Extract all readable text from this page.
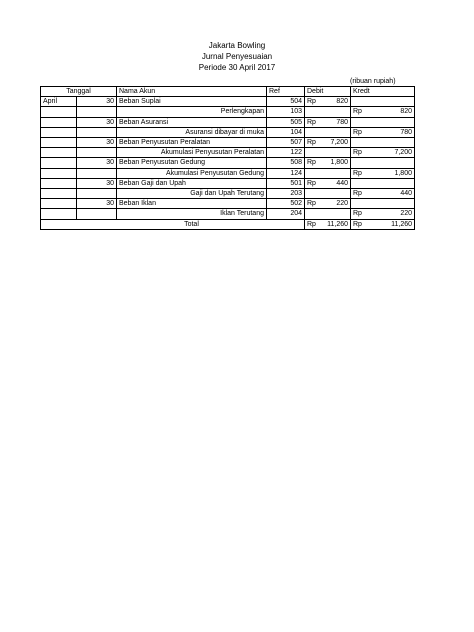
Jakarta Bowling
Jurnal Penyesuaian
Periode 30 April 2017
(ribuan rupiah)
Tanggal		Nama Akun	Ref	Debit	Kredt
April	30	Beban Suplai	504	Rp 820	

		Perlengkapan	103		Rp 820

	30	Beban Asuransi	505	Rp 780	

		Asuransi dibayar di muka	104		Rp 780

	30	Beban Penyusutan Peralatan	507	Rp 7,200	

		Akumulasi Penyusutan Peralatan	122		Rp 7,200

	30	Beban Penyusutan Gedung	508	Rp 1,800	

		Akumulasi Penyusutan Gedung	124		Rp 1,800

	30	Beban Gaji dan Upah	501	Rp 440	

		Gaji dan Upah Terutang	203		Rp 440

	30	Beban Iklan	502	Rp 220	

		Iklan Terutang	204		Rp 220

		Total		Rp 11,260	Rp 11,260
